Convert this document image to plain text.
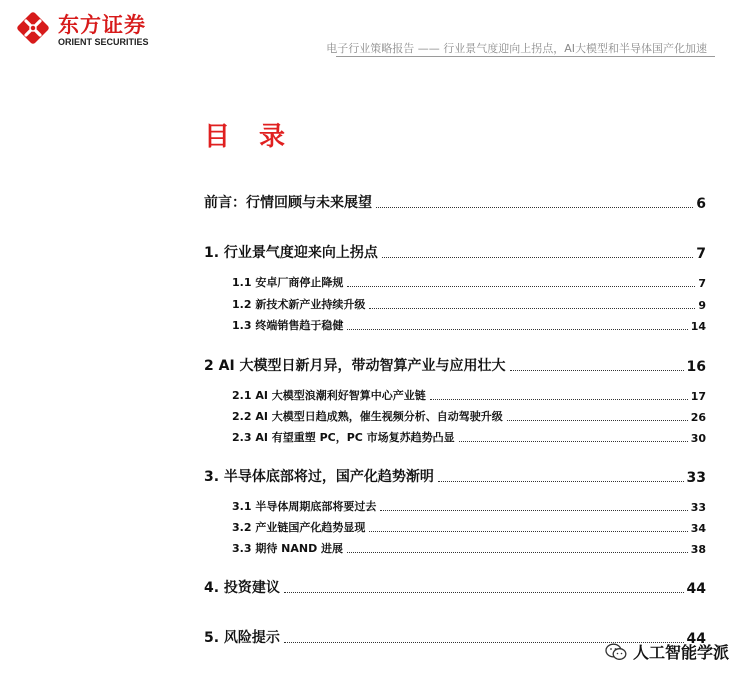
东方证券
ORIENT SECURITIES	电子行业策略报告 —— 行业景气度迎向上拐点，AI大模型和半导体国产化加速
目 录
前言：行情回顾与未来展望	6
1. 行业景气度迎来向上拐点	7
1.1 安卓厂商停止降规	7
1.2 新技术新产业持续升级	9
1.3 终端销售趋于稳健	14
2 AI 大模型日新月异，带动智算产业与应用壮大	16
2.1 AI 大模型浪潮利好智算中心产业链	17
2.2 AI 大模型日趋成熟，催生视频分析、自动驾驶升级	26
2.3 AI 有望重塑 PC，PC 市场复苏趋势凸显	30
3. 半导体底部将过，国产化趋势渐明	33
3.1 半导体周期底部将要过去	33
3.2 产业链国产化趋势显现	34
3.3 期待 NAND 进展	38
4. 投资建议	44
5. 风险提示	44
人工智能学派
